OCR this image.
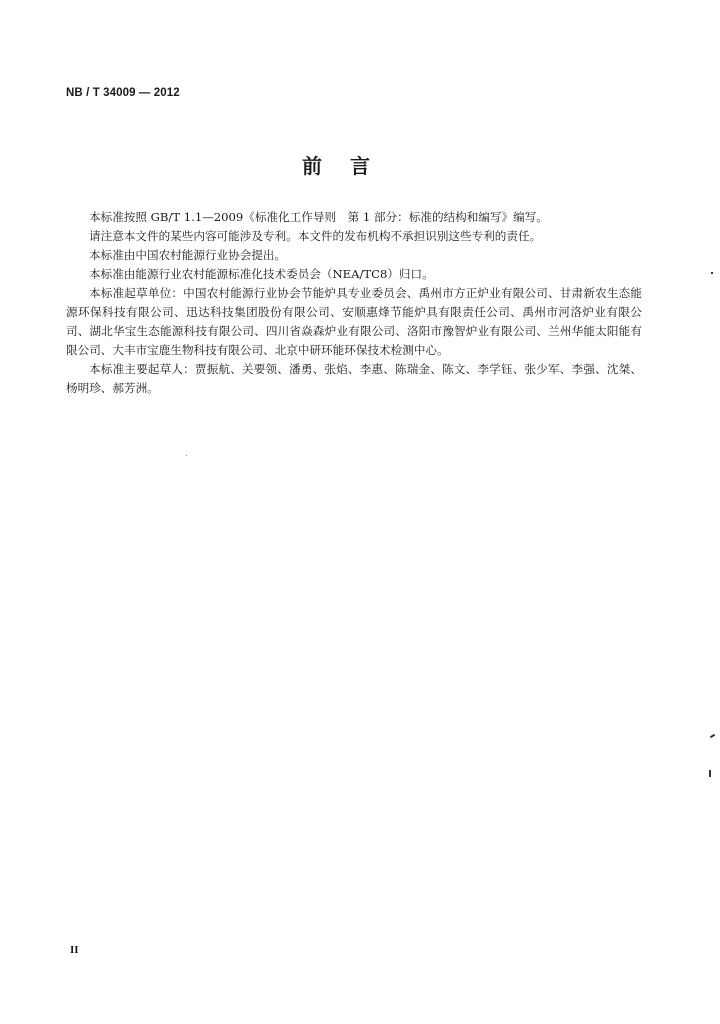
NB / T 34009 — 2012
前言

本标准按照 GB/T 1.1—2009《标准化工作导则　第 1 部分：标准的结构和编写》编写。

请注意本文件的某些内容可能涉及专利。本文件的发布机构不承担识别这些专利的责任。

本标准由中国农村能源行业协会提出。

本标准由能源行业农村能源标准化技术委员会（NEA/TC8）归口。

本标准起草单位：中国农村能源行业协会节能炉具专业委员会、禹州市方正炉业有限公司、甘肃新农生态能源环保科技有限公司、迅达科技集团股份有限公司、安顺惠烽节能炉具有限责任公司、禹州市河洛炉业有限公司、湖北华宝生态能源科技有限公司、四川省焱森炉业有限公司、洛阳市豫智炉业有限公司、兰州华能太阳能有限公司、大丰市宝鹿生物科技有限公司、北京中研环能环保技术检测中心。

本标准主要起草人：贾振航、关要领、潘勇、张焰、李惠、陈瑞金、陈文、李学钰、张少军、李强、沈桀、杨明珍、郝芳洲。

II
